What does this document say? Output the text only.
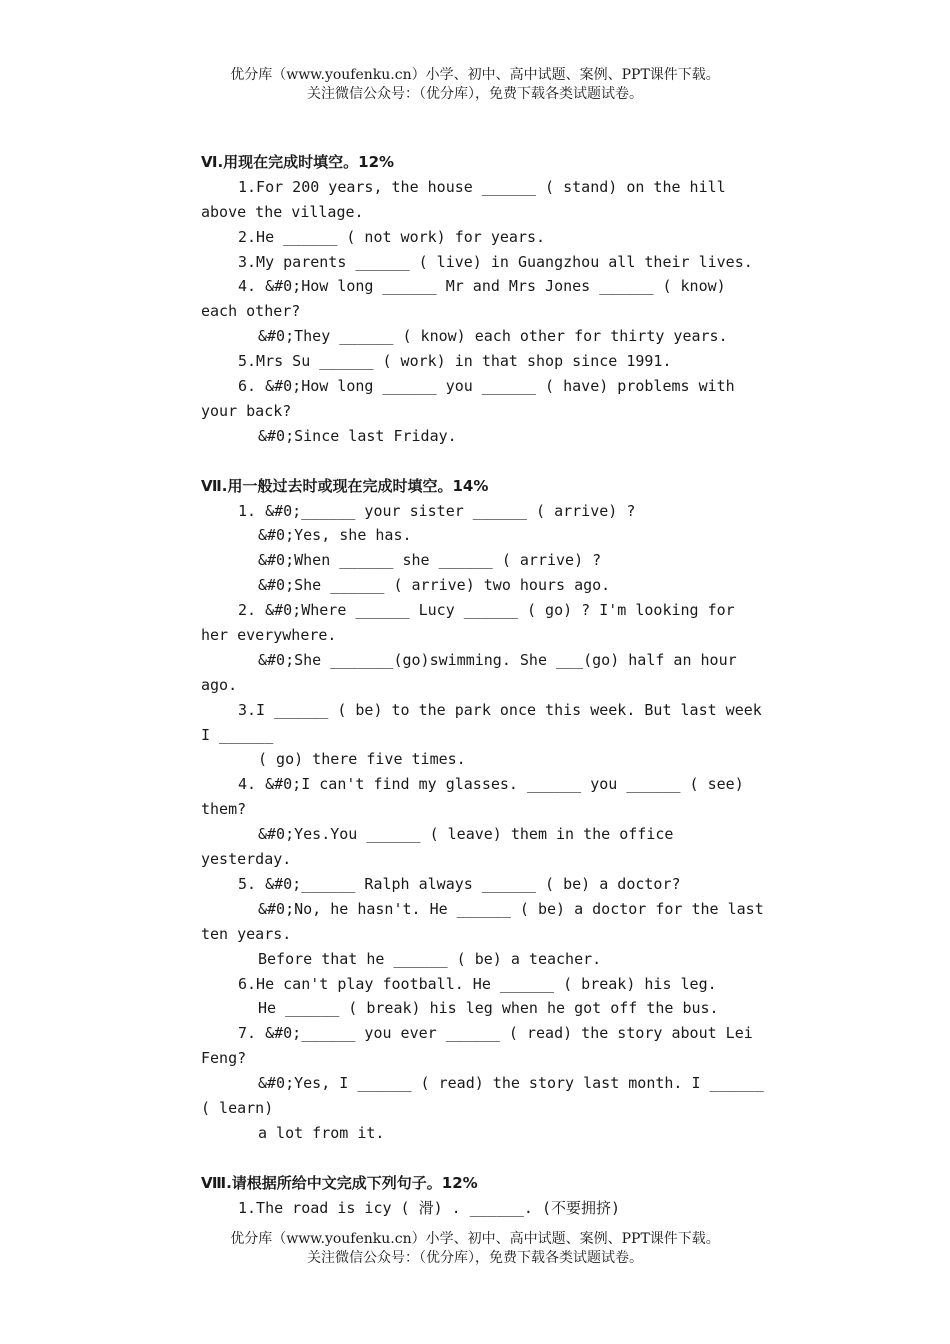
优分库（www.youfenku.cn）小学、初中、高中试题、案例、PPT课件下载。
关注微信公众号：（优分库），免费下载各类试题试卷。
Ⅵ.用现在完成时填空。12%
1.For 200 years, the house ______ ( stand) on the hill
above the village.
2.He ______ ( not work) for years.
3.My parents ______ ( live) in Guangzhou all their lives.
4. &#0;How long ______ Mr and Mrs Jones ______ ( know)
each other?
&#0;They ______ ( know) each other for thirty years.
5.Mrs Su ______ ( work) in that shop since 1991.
6. &#0;How long ______ you ______ ( have) problems with
your back?
&#0;Since last Friday.
Ⅶ.用一般过去时或现在完成时填空。14%
1. &#0;______ your sister ______ ( arrive) ?
&#0;Yes, she has.
&#0;When ______ she ______ ( arrive) ?
&#0;She ______ ( arrive) two hours ago.
2. &#0;Where ______ Lucy ______ ( go) ? I'm looking for
her everywhere.
&#0;She _______(go)swimming. She ___(go) half an hour
ago.
3.I ______ ( be) to the park once this week. But last week
I ______
( go) there five times.
4. &#0;I can't find my glasses. ______ you ______ ( see)
them?
&#0;Yes.You ______ ( leave) them in the office
yesterday.
5. &#0;______ Ralph always ______ ( be) a doctor?
&#0;No, he hasn't. He ______ ( be) a doctor for the last
ten years.
Before that he ______ ( be) a teacher.
6.He can't play football. He ______ ( break) his leg.
He ______ ( break) his leg when he got off the bus.
7. &#0;______ you ever ______ ( read) the story about Lei
Feng?
&#0;Yes, I ______ ( read) the story last month. I ______
( learn)
a lot from it.
Ⅷ.请根据所给中文完成下列句子。12%
1.The road is icy ( 滑) . ______. (不要拥挤)
优分库（www.youfenku.cn）小学、初中、高中试题、案例、PPT课件下载。
关注微信公众号：（优分库），免费下载各类试题试卷。
